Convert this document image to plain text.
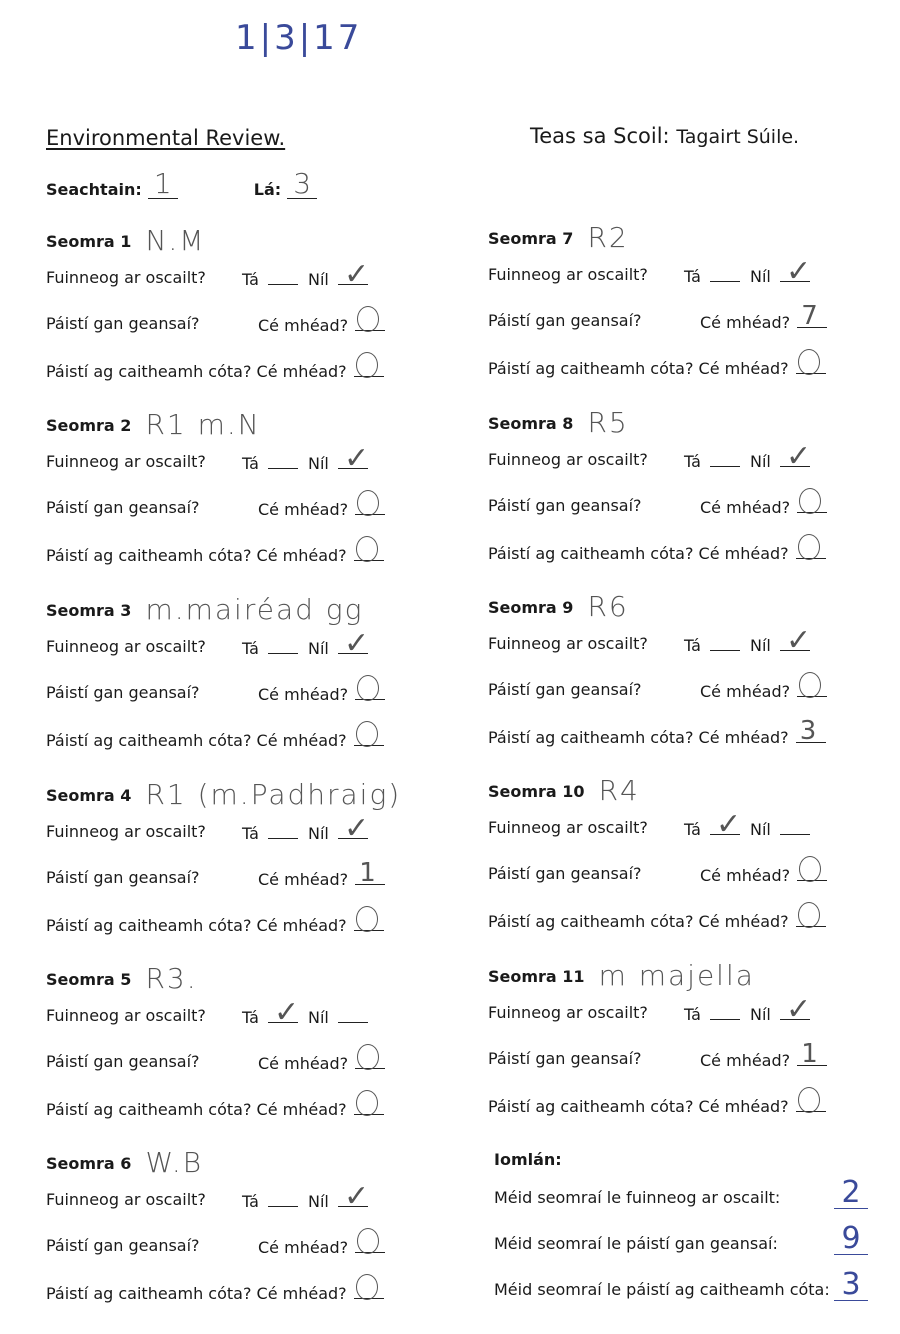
1|3|17
Environmental Review.	Teas sa Scoil: Tagairt Súile.
Seachtain: 1	Lá: 3
Seomra 1 N.M
Fuinneog ar oscailt? Tá	Níl ✓
Páistí gan geansaí?	Cé mhéad?
Páistí ag caitheamh cóta? Cé mhéad?
Seomra 2 R1 m.N
Fuinneog ar oscailt? Tá	Níl ✓
Páistí gan geansaí?	Cé mhéad?
Páistí ag caitheamh cóta? Cé mhéad?
Seomra 3 m.mairéad gg
Fuinneog ar oscailt? Tá	Níl ✓
Páistí gan geansaí?	Cé mhéad?
Páistí ag caitheamh cóta? Cé mhéad?
Seomra 4 R1 (m.Padhraig)
Fuinneog ar oscailt? Tá	Níl ✓
Páistí gan geansaí?	Cé mhéad? 1
Páistí ag caitheamh cóta? Cé mhéad?
Seomra 5 R3.
Fuinneog ar oscailt? Tá ✓ Níl
Páistí gan geansaí?	Cé mhéad?
Páistí ag caitheamh cóta? Cé mhéad?
Seomra 6 W.B
Fuinneog ar oscailt? Tá	Níl ✓
Páistí gan geansaí?	Cé mhéad?
Páistí ag caitheamh cóta? Cé mhéad?
Seomra 7 R2
Fuinneog ar oscailt? Tá	Níl ✓
Páistí gan geansaí?	Cé mhéad? 7
Páistí ag caitheamh cóta? Cé mhéad?
Seomra 8 R5
Fuinneog ar oscailt? Tá	Níl ✓
Páistí gan geansaí?	Cé mhéad?
Páistí ag caitheamh cóta? Cé mhéad?
Seomra 9 R6
Fuinneog ar oscailt? Tá	Níl ✓
Páistí gan geansaí?	Cé mhéad?
Páistí ag caitheamh cóta? Cé mhéad? 3
Seomra 10 R4
Fuinneog ar oscailt? Tá ✓ Níl
Páistí gan geansaí?	Cé mhéad?
Páistí ag caitheamh cóta? Cé mhéad?
Seomra 11 m majella
Fuinneog ar oscailt? Tá	Níl ✓
Páistí gan geansaí?	Cé mhéad? 1
Páistí ag caitheamh cóta? Cé mhéad?
Iomlán:
Méid seomraí le fuinneog ar oscailt: 2
Méid seomraí le páistí gan geansaí: 9
Méid seomraí le páistí ag caitheamh cóta: 3
